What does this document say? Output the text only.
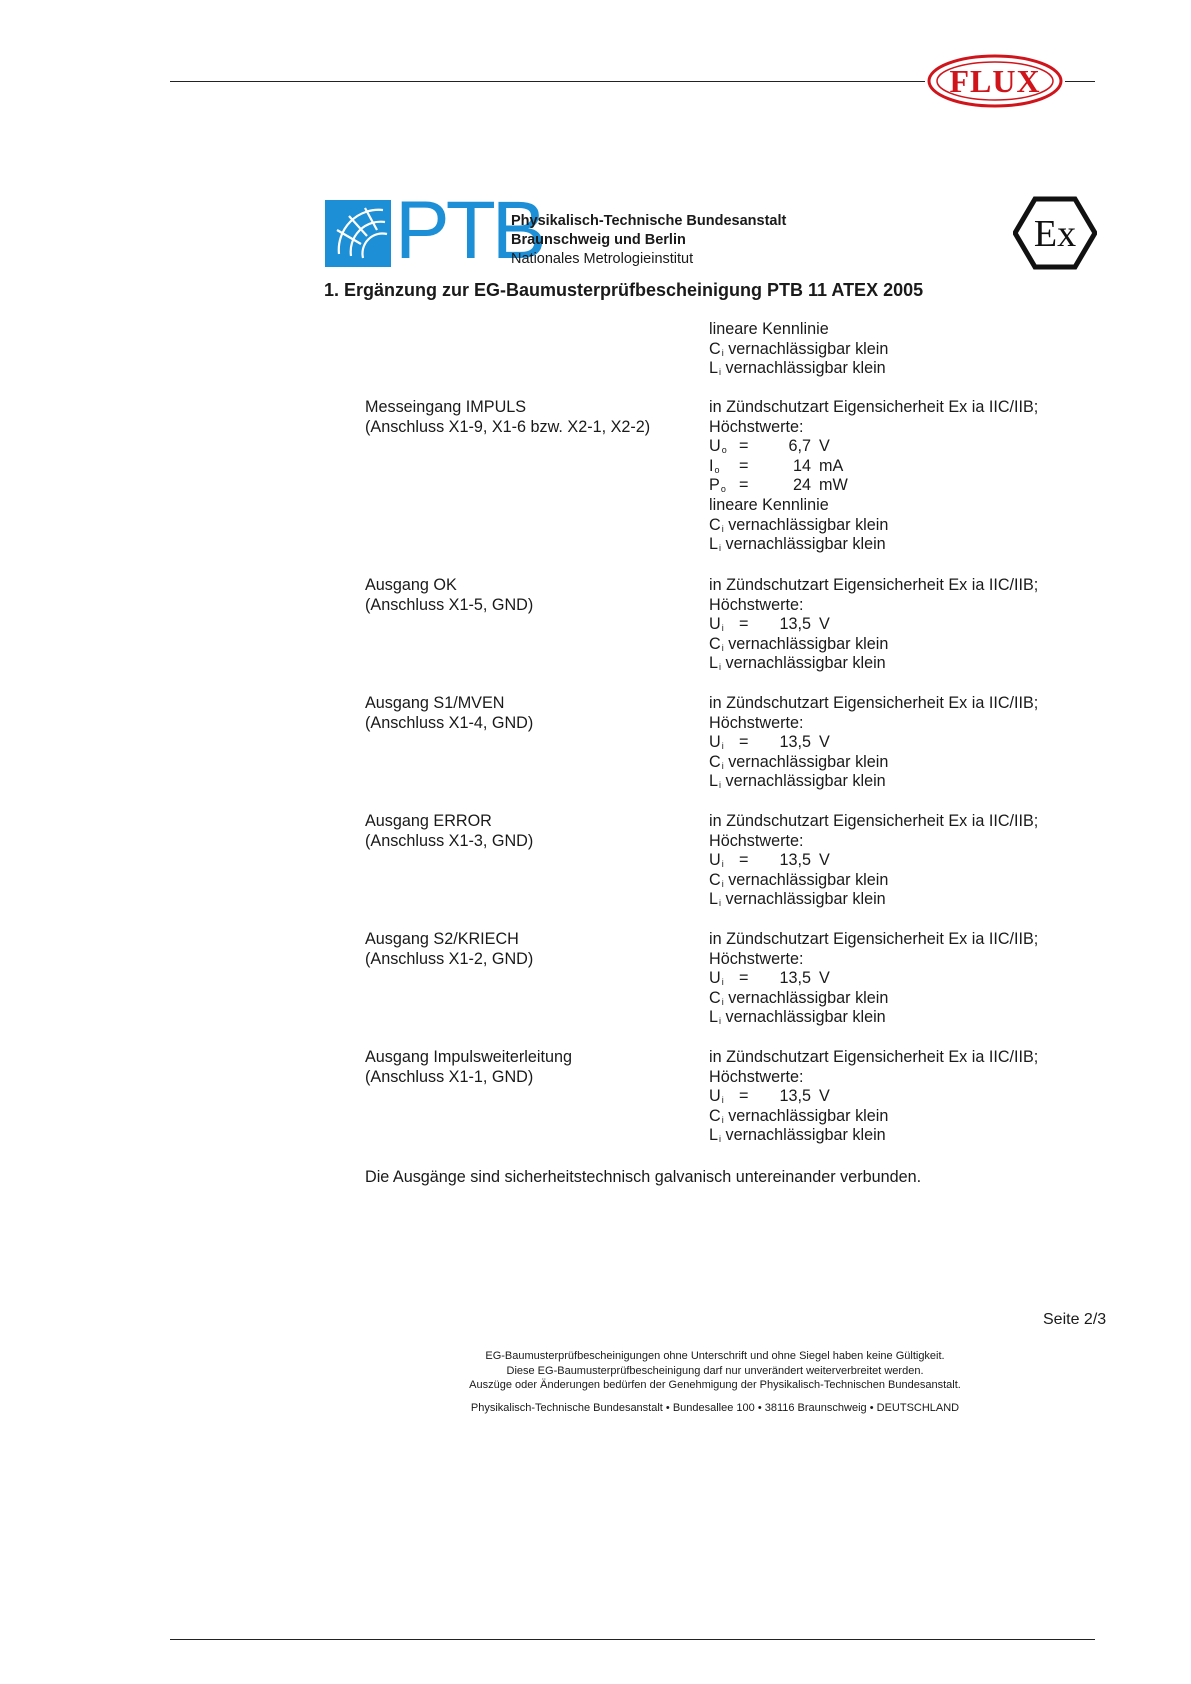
FLUX
PTB
Physikalisch-Technische Bundesanstalt
Braunschweig und Berlin
Nationales Metrologieinstitut
Ex
1. Ergänzung zur EG-Baumusterprüfbescheinigung PTB 11 ATEX 2005
lineare Kennlinie
$C_i$ vernachlässigbar klein
$L_i$ vernachlässigbar klein
Messeingang IMPULS
(Anschluss X1-9, X1-6 bzw. X2-1, X2-2)
in Zündschutzart Eigensicherheit Ex ia IIC/IIB;
Höchstwerte:
$U_o = 6,7$ V
$I_o$ =	14 mA
$P_o$ =	24 mW
lineare Kennlinie
$C_i$ vernachlässigbar klein
$L_i$ vernachlässigbar klein
Ausgang OK
(Anschluss X1-5, GND)
in Zündschutzart Eigensicherheit Ex ia IIC/IIB;
Höchstwerte:
$U_i = 13,5$ V
$C_i$ vernachlässigbar klein
$L_i$ vernachlässigbar klein
Ausgang S1/MVEN
(Anschluss X1-4, GND)
in Zündschutzart Eigensicherheit Ex ia IIC/IIB;
Höchstwerte:
$U_i = 13,5$ V
$C_i$ vernachlässigbar klein
$L_i$ vernachlässigbar klein
Ausgang ERROR
(Anschluss X1-3, GND)
in Zündschutzart Eigensicherheit Ex ia IIC/IIB;
Höchstwerte:
$U_i = 13,5$ V
$C_i$ vernachlässigbar klein
$L_i$ vernachlässigbar klein
Ausgang S2/KRIECH
(Anschluss X1-2, GND)
in Zündschutzart Eigensicherheit Ex ia IIC/IIB;
Höchstwerte:
$U_i = 13,5$ V
$C_i$ vernachlässigbar klein
$L_i$ vernachlässigbar klein
Ausgang Impulsweiterleitung
(Anschluss X1-1, GND)
in Zündschutzart Eigensicherheit Ex ia IIC/IIB;
Höchstwerte:
$U_i = 13,5$ V
$C_i$ vernachlässigbar klein
$L_i$ vernachlässigbar klein
Die Ausgänge sind sicherheitstechnisch galvanisch untereinander verbunden.
Seite 2/3
EG-Baumusterprüfbescheinigungen ohne Unterschrift und ohne Siegel haben keine Gültigkeit.
Diese EG-Baumusterprüfbescheinigung darf nur unverändert weiterverbreitet werden.
Auszüge oder Änderungen bedürfen der Genehmigung der Physikalisch-Technischen Bundesanstalt.
Physikalisch-Technische Bundesanstalt • Bundesallee 100 • 38116 Braunschweig • DEUTSCHLAND
